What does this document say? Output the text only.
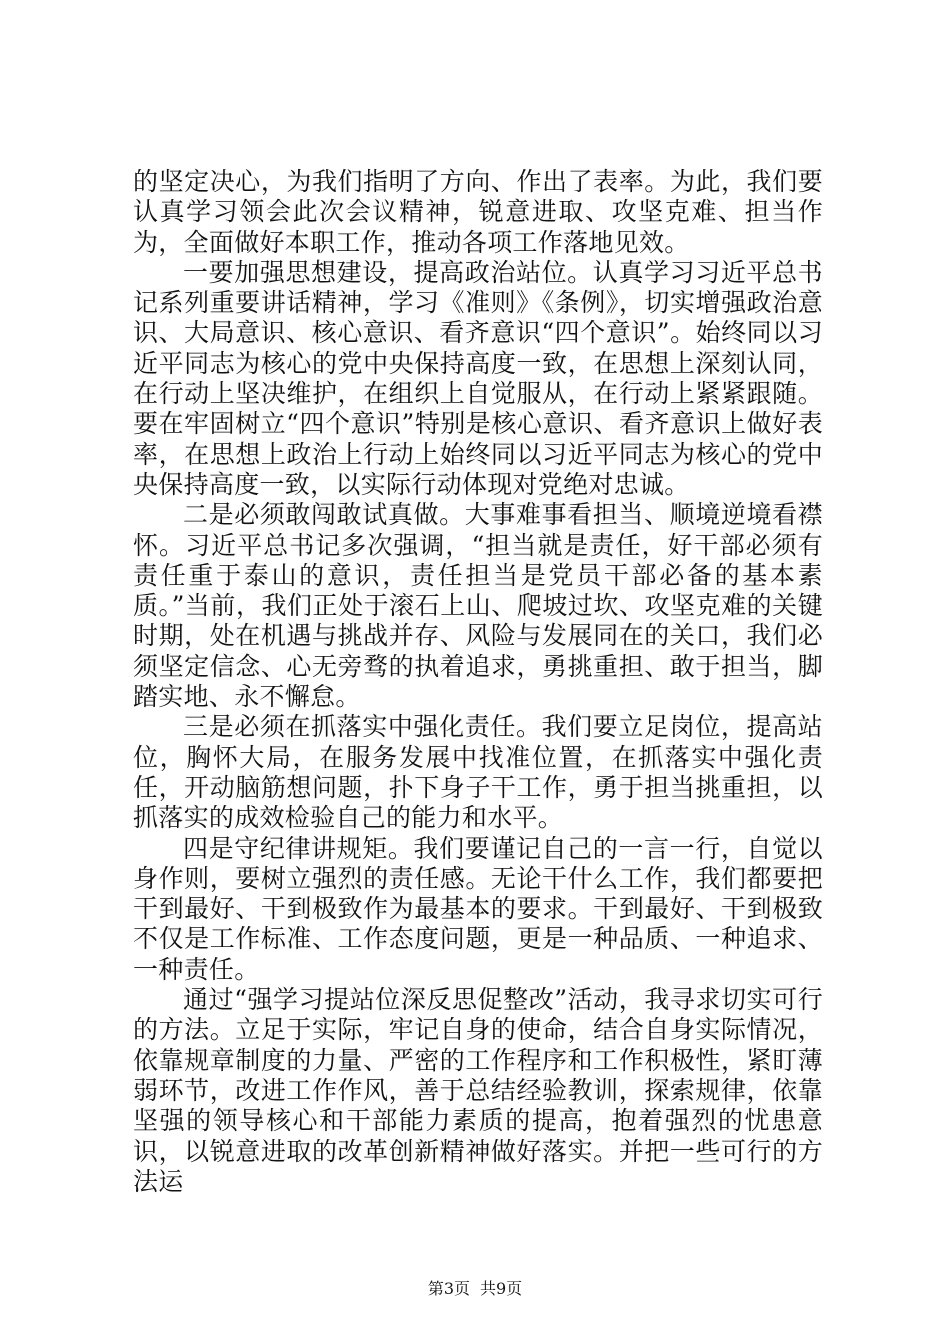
的坚定决心，为我们指明了方向、作出了表率。为此，我们要认真学习领会此次会议精神，锐意进取、攻坚克难、担当作为，全面做好本职工作，推动各项工作落地见效。

一要加强思想建设，提高政治站位。认真学习习近平总书记系列重要讲话精神，学习《准则》《条例》，切实增强政治意识、大局意识、核心意识、看齐意识“四个意识”。始终同以习近平同志为核心的党中央保持高度一致，在思想上深刻认同，在行动上坚决维护，在组织上自觉服从，在行动上紧紧跟随。要在牢固树立“四个意识”特别是核心意识、看齐意识上做好表率，在思想上政治上行动上始终同以习近平同志为核心的党中央保持高度一致，以实际行动体现对党绝对忠诚。

二是必须敢闯敢试真做。大事难事看担当、顺境逆境看襟怀。习近平总书记多次强调，“担当就是责任，好干部必须有责任重于泰山的意识，责任担当是党员干部必备的基本素质。”当前，我们正处于滚石上山、爬坡过坎、攻坚克难的关键时期，处在机遇与挑战并存、风险与发展同在的关口，我们必须坚定信念、心无旁骛的执着追求，勇挑重担、敢于担当，脚踏实地、永不懈怠。

三是必须在抓落实中强化责任。我们要立足岗位，提高站位，胸怀大局，在服务发展中找准位置，在抓落实中强化责任，开动脑筋想问题，扑下身子干工作，勇于担当挑重担，以抓落实的成效检验自己的能力和水平。

四是守纪律讲规矩。我们要谨记自己的一言一行，自觉以身作则，要树立强烈的责任感。无论干什么工作，我们都要把干到最好、干到极致作为最基本的要求。干到最好、干到极致不仅是工作标准、工作态度问题，更是一种品质、一种追求、一种责任。

通过“强学习提站位深反思促整改”活动，我寻求切实可行的方法。立足于实际，牢记自身的使命，结合自身实际情况，依靠规章制度的力量、严密的工作程序和工作积极性，紧盯薄弱环节，改进工作作风，善于总结经验教训，探索规律，依靠坚强的领导核心和干部能力素质的提高，抱着强烈的忧患意识，以锐意进取的改革创新精神做好落实。并把一些可行的方法运

第3页 共9页
